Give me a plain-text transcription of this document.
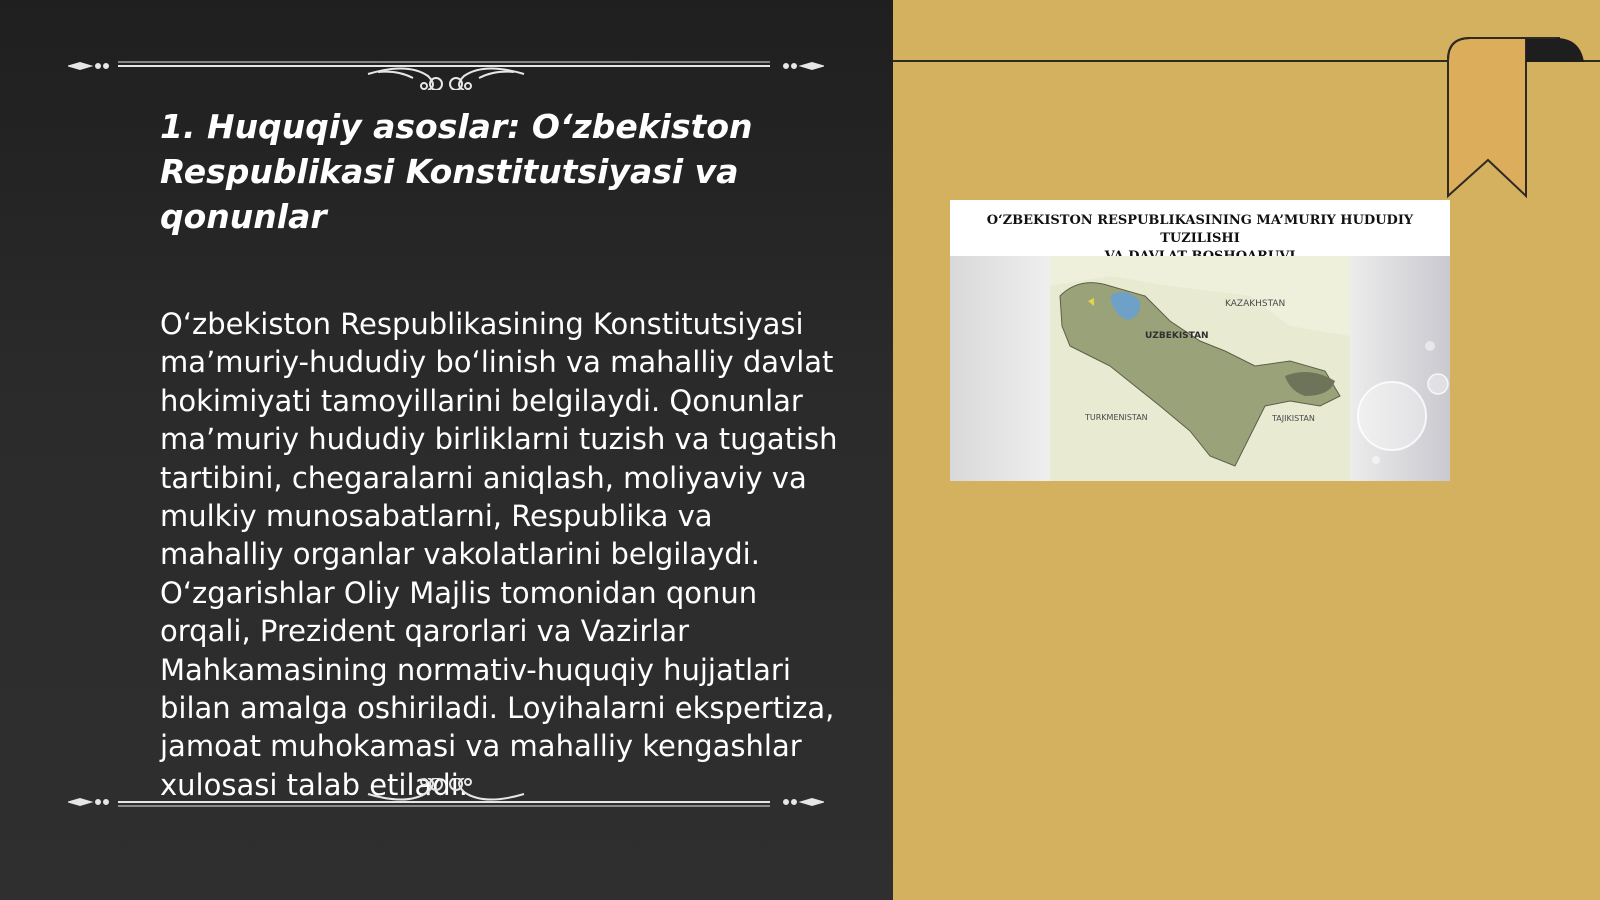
1. Huquqiy asoslar: O‘zbekiston Respublikasi Konstitutsiyasi va qonunlar

O‘zbekiston Respublikasining Konstitutsiyasi ma’muriy-hududiy bo‘linish va mahalliy davlat hokimiyati tamoyillarini belgilaydi. Qonunlar ma’muriy hududiy birliklarni tuzish va tugatish tartibini, chegaralarni aniqlash, moliyaviy va mulkiy munosabatlarni, Respublika va mahalliy organlar vakolatlarini belgilaydi. O‘zgarishlar Oliy Majlis tomonidan qonun orqali, Prezident qarorlari va Vazirlar Mahkamasining normativ-huquqiy hujjatlari bilan amalga oshiriladi. Loyihalarni ekspertiza, jamoat muhokamasi va mahalliy kengashlar xulosasi talab etiladi.

O‘ZBEKISTON RESPUBLIKASINING MA’MURIY HUDUDIY TUZILISHI
KAZAKHSTAN
UZBEKISTAN
TURKMENISTAN	TAJIKISTAN
